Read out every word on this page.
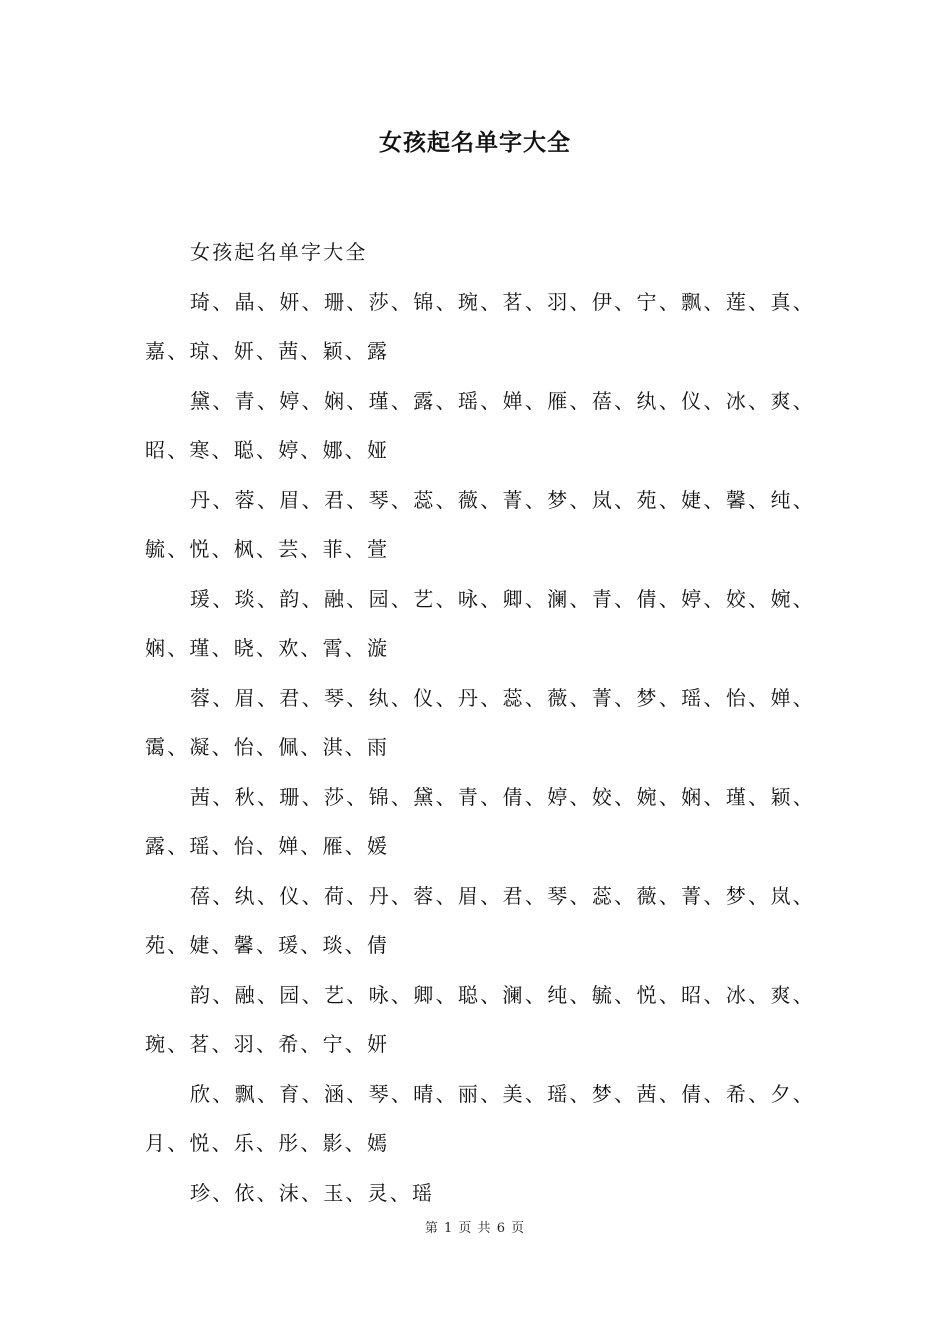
女孩起名单字大全

女孩起名单字大全

琦、晶、妍、珊、莎、锦、琬、茗、羽、伊、宁、飘、莲、真、嘉、琼、妍、茜、颖、露

黛、青、婷、娴、瑾、露、瑶、婵、雁、蓓、纨、仪、冰、爽、昭、寒、聪、婷、娜、娅

丹、蓉、眉、君、琴、蕊、薇、菁、梦、岚、苑、婕、馨、纯、毓、悦、枫、芸、菲、萱

瑗、琰、韵、融、园、艺、咏、卿、澜、青、倩、婷、姣、婉、娴、瑾、晓、欢、霄、漩

蓉、眉、君、琴、纨、仪、丹、蕊、薇、菁、梦、瑶、怡、婵、霭、凝、怡、佩、淇、雨

茜、秋、珊、莎、锦、黛、青、倩、婷、姣、婉、娴、瑾、颖、露、瑶、怡、婵、雁、媛

蓓、纨、仪、荷、丹、蓉、眉、君、琴、蕊、薇、菁、梦、岚、苑、婕、馨、瑗、琰、倩

韵、融、园、艺、咏、卿、聪、澜、纯、毓、悦、昭、冰、爽、琬、茗、羽、希、宁、妍

欣、飘、育、涵、琴、晴、丽、美、瑶、梦、茜、倩、希、夕、月、悦、乐、彤、影、嫣

珍、依、沫、玉、灵、瑶

第 1 页 共 6 页
